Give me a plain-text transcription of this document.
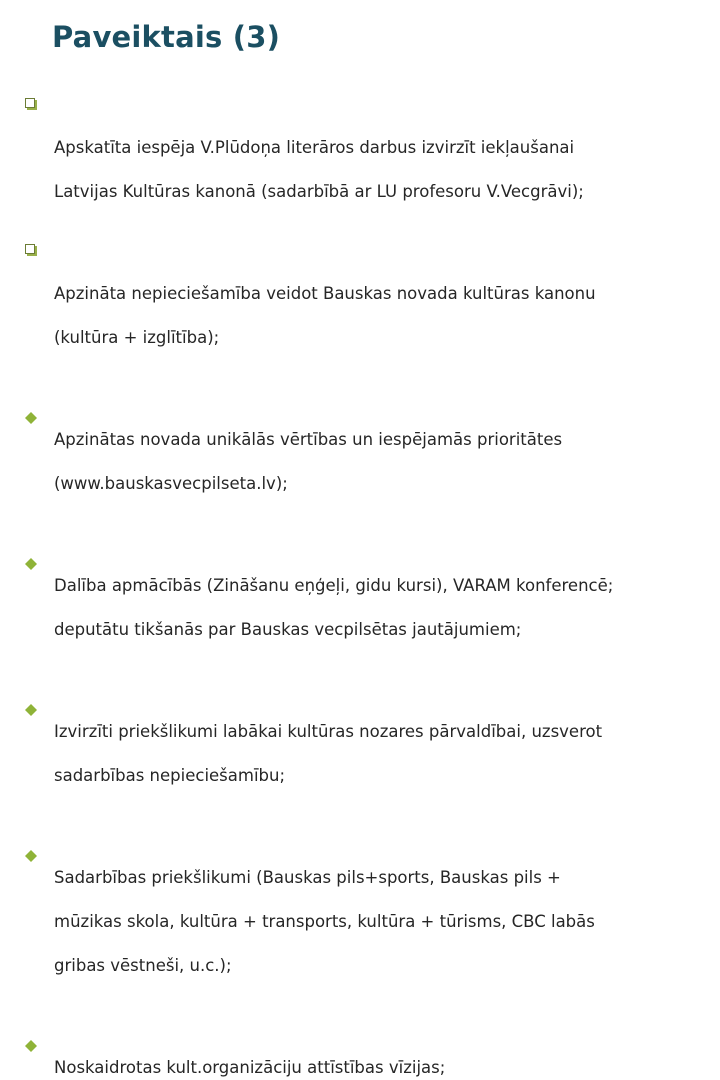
Paveiktais (3)

Apskatīta iespēja V.Plūdoņa literāros darbus izvirzīt iekļaušanai

Latvijas Kultūras kanonā (sadarbībā ar LU profesoru V.Vecgrāvi);

Apzināta nepieciešamība veidot Bauskas novada kultūras kanonu

(kultūra + izglītība);

Apzinātas novada unikālās vērtības un iespējamās prioritātes

(www.bauskasvecpilseta.lv);

Dalība apmācībās (Zināšanu eņģeļi, gidu kursi), VARAM konferencē;

deputātu tikšanās par Bauskas vecpilsētas jautājumiem;

Izvirzīti priekšlikumi labākai kultūras nozares pārvaldībai, uzsverot

sadarbības nepieciešamību;

Sadarbības priekšlikumi (Bauskas pils+sports, Bauskas pils +

mūzikas skola, kultūra + transports, kultūra + tūrisms, CBC labās

gribas vēstneši, u.c.);

Noskaidrotas kult.organizāciju attīstības vīzijas;
